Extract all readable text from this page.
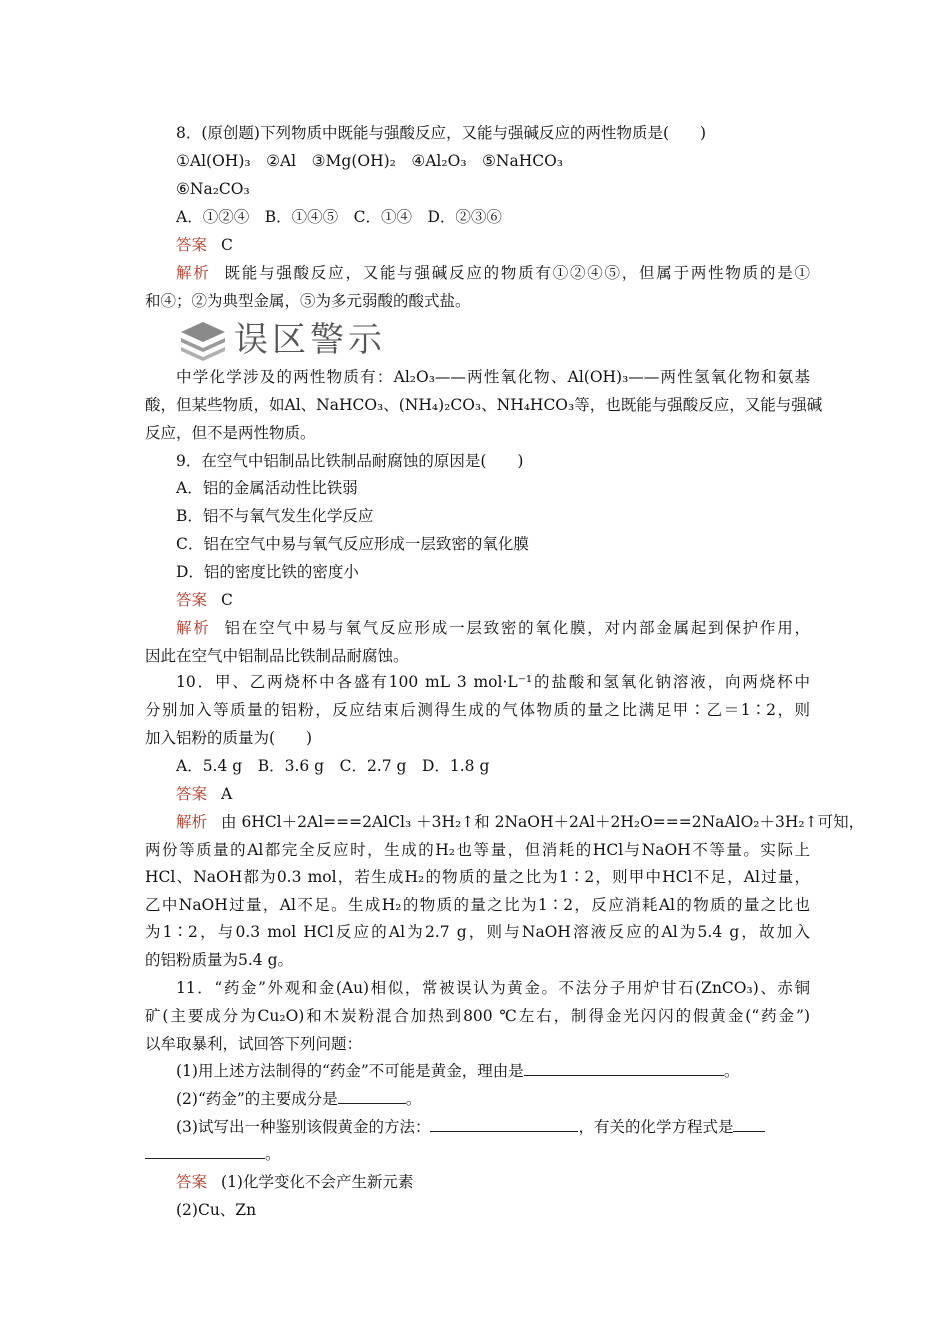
8．(原创题)下列物质中既能与强酸反应，又能与强碱反应的两性物质是(　　)
①Al(OH)₃　②Al　③Mg(OH)₂　④Al₂O₃　⑤NaHCO₃
⑥Na₂CO₃
A．①②④　B．①④⑤　C．①④　D．②③⑥
答案 C
解析 既能与强酸反应，又能与强碱反应的物质有①②④⑤，但属于两性物质的是①
和④；②为典型金属，⑤为多元弱酸的酸式盐。
误区警示
中学化学涉及的两性物质有：Al₂O₃——两性氧化物、Al(OH)₃——两性氢氧化物和氨基
酸，但某些物质，如Al、NaHCO₃、(NH₄)₂CO₃、NH₄HCO₃等，也既能与强酸反应，又能与强碱
反应，但不是两性物质。
9．在空气中铝制品比铁制品耐腐蚀的原因是(　　)
A．铝的金属活动性比铁弱
B．铝不与氧气发生化学反应
C．铝在空气中易与氧气反应形成一层致密的氧化膜
D．铝的密度比铁的密度小
答案 C
解析 铝在空气中易与氧气反应形成一层致密的氧化膜，对内部金属起到保护作用，
因此在空气中铝制品比铁制品耐腐蚀。
10．甲、乙两烧杯中各盛有100 mL 3 mol·L⁻¹的盐酸和氢氧化钠溶液，向两烧杯中
分别加入等质量的铝粉，反应结束后测得生成的气体物质的量之比满足甲∶乙＝1∶2，则
加入铝粉的质量为(　　)
A．5.4 g　B．3.6 g　C．2.7 g　D．1.8 g
答案 A
解析 由 6HCl＋2Al===2AlCl₃ ＋3H₂↑和 2NaOH＋2Al＋2H₂O===2NaAlO₂＋3H₂↑可知，
两份等质量的Al都完全反应时，生成的H₂也等量，但消耗的HCl与NaOH不等量。实际上
HCl、NaOH都为0.3 mol，若生成H₂的物质的量之比为1∶2，则甲中HCl不足，Al过量，
乙中NaOH过量，Al不足。生成H₂的物质的量之比为1∶2，反应消耗Al的物质的量之比也
为1∶2，与0.3 mol HCl反应的Al为2.7 g，则与NaOH溶液反应的Al为5.4 g，故加入
的铝粉质量为5.4 g。
11．“药金”外观和金(Au)相似，常被误认为黄金。不法分子用炉甘石(ZnCO₃)、赤铜
矿(主要成分为Cu₂O)和木炭粉混合加热到800 ℃左右，制得金光闪闪的假黄金(“药金”)
以牟取暴利，试回答下列问题：
(1)用上述方法制得的“药金”不可能是黄金，理由是	。
(2)“药金”的主要成分是	。
(3)试写出一种鉴别该假黄金的方法：	，有关的化学方程式是
。
答案 (1)化学变化不会产生新元素
(2)Cu、Zn
